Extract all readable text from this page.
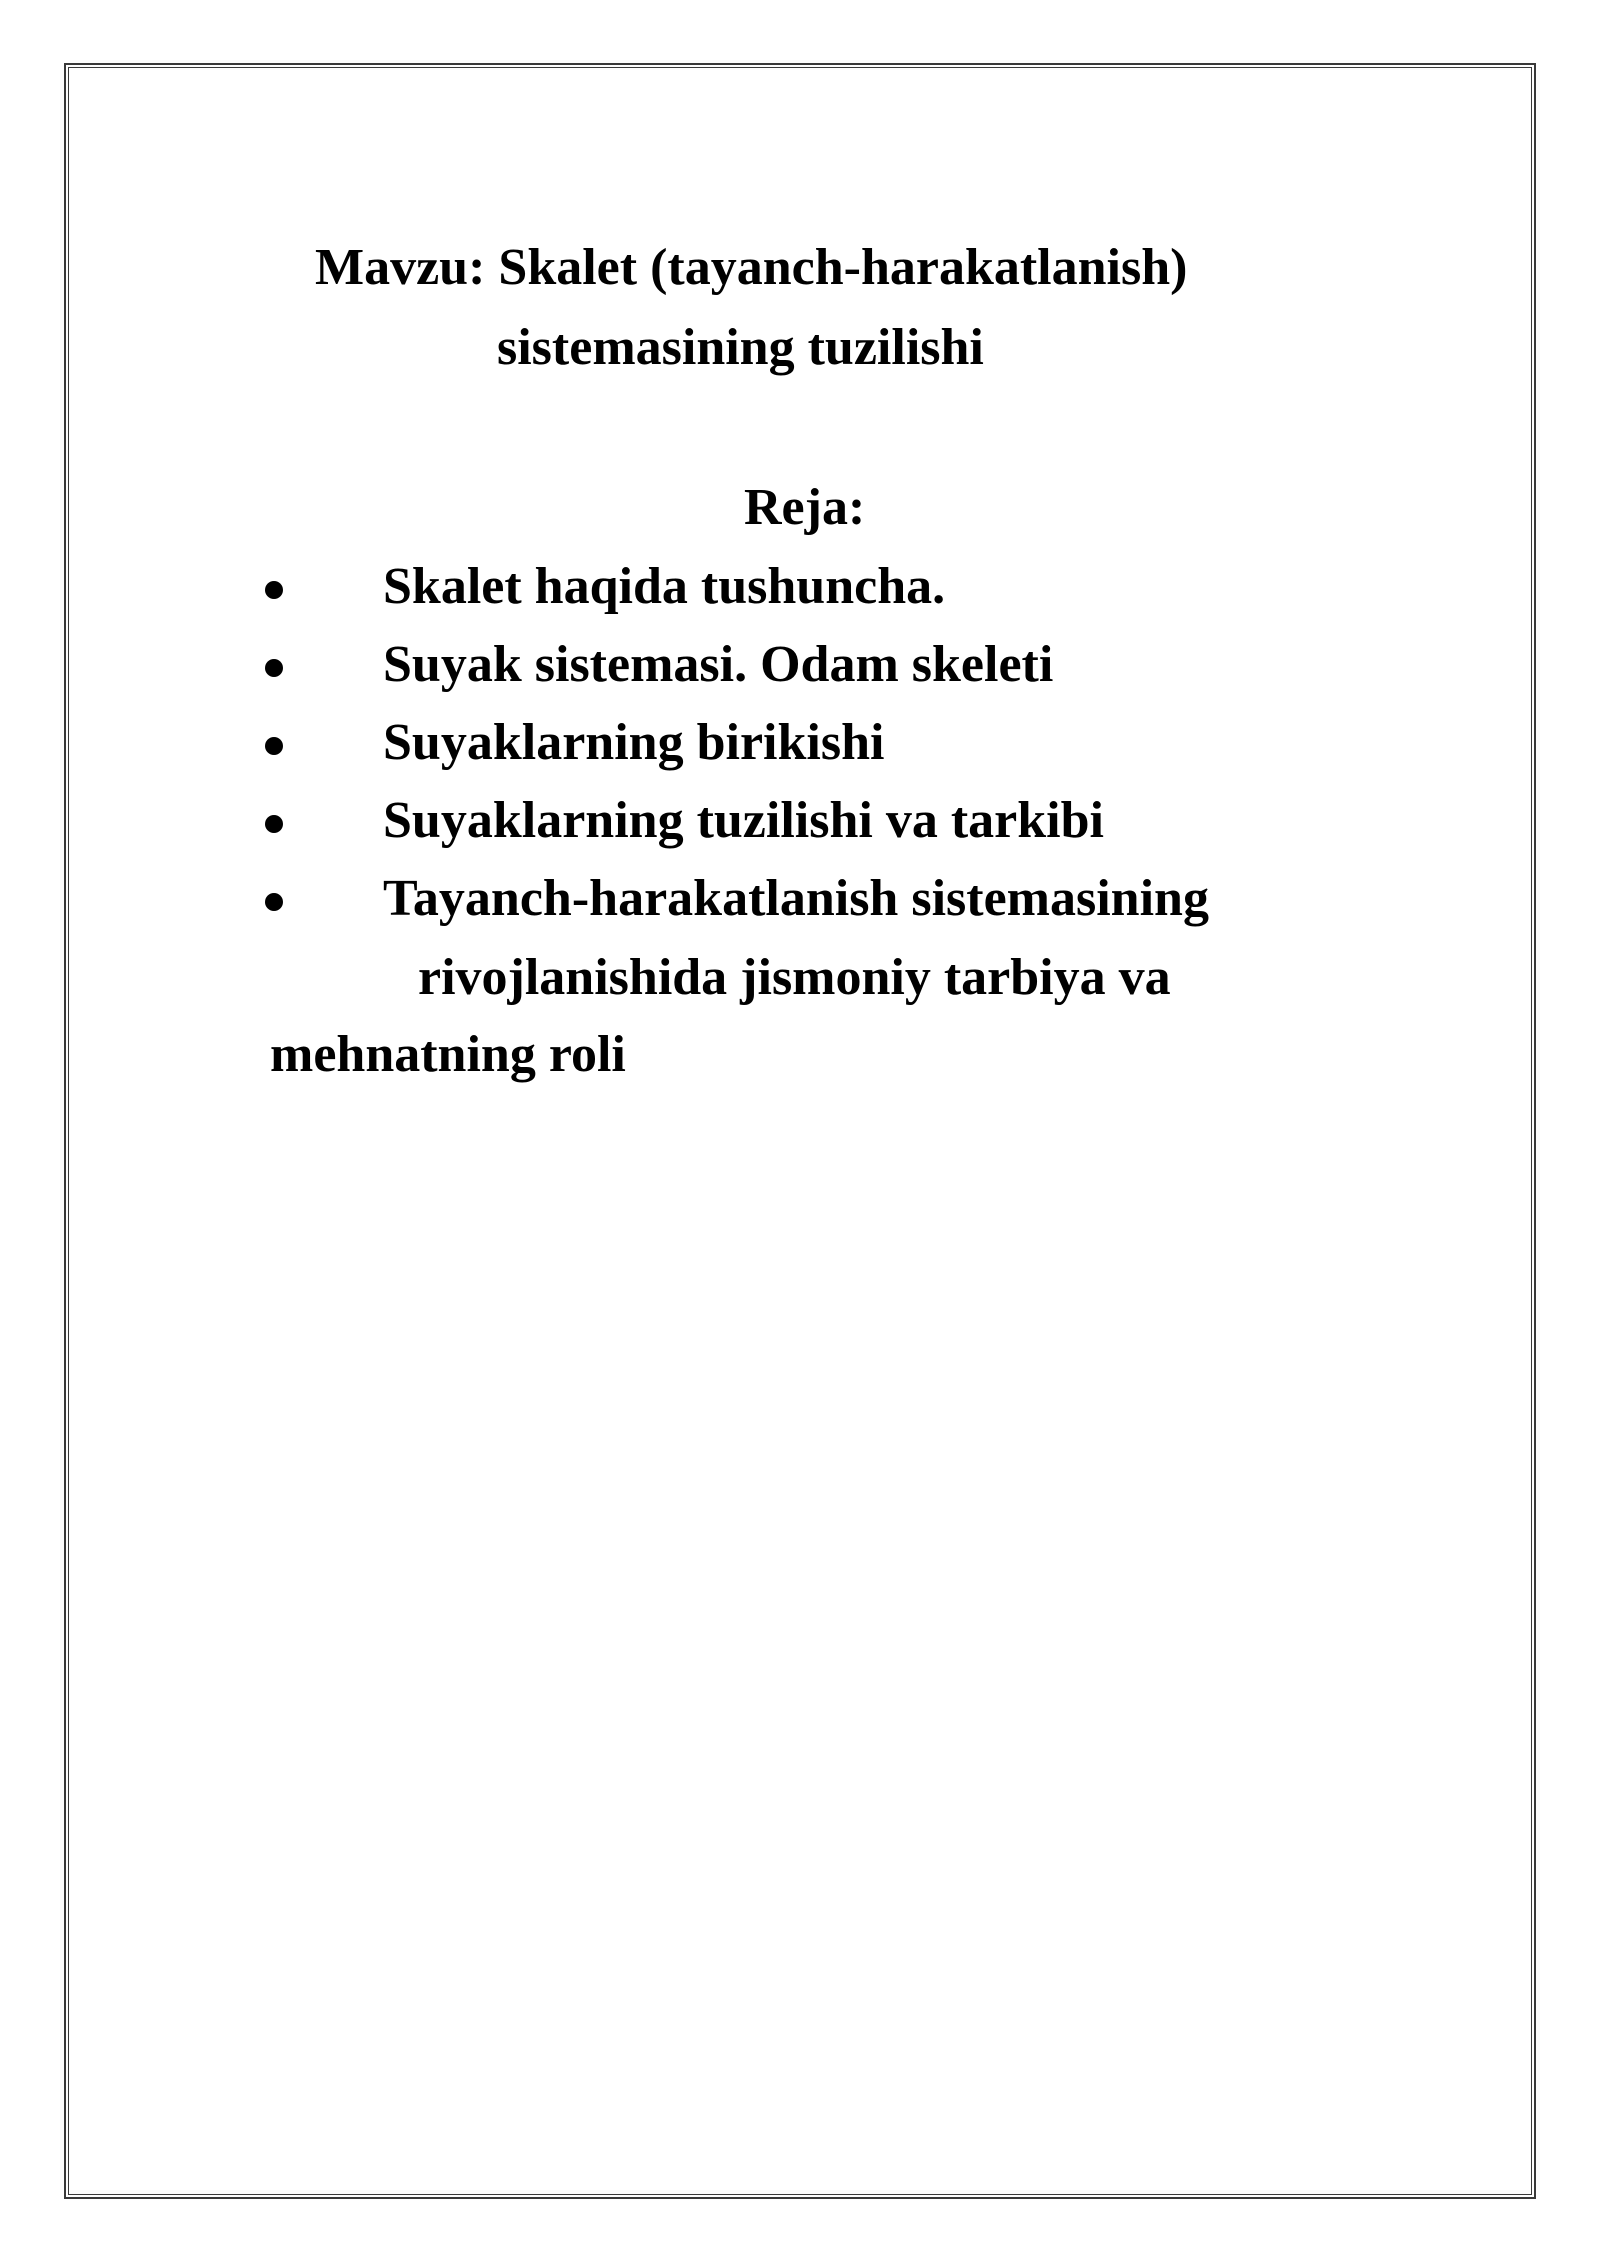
Mavzu: Skalet (tayanch-harakatlanish)
sistemasining tuzilishi
Reja:
Skalet haqida tushuncha.
Suyak sistemasi. Odam skeleti
Suyaklarning birikishi
Suyaklarning tuzilishi va tarkibi
Tayanch-harakatlanish sistemasining
rivojlanishida jismoniy tarbiya va
mehnatning roli
